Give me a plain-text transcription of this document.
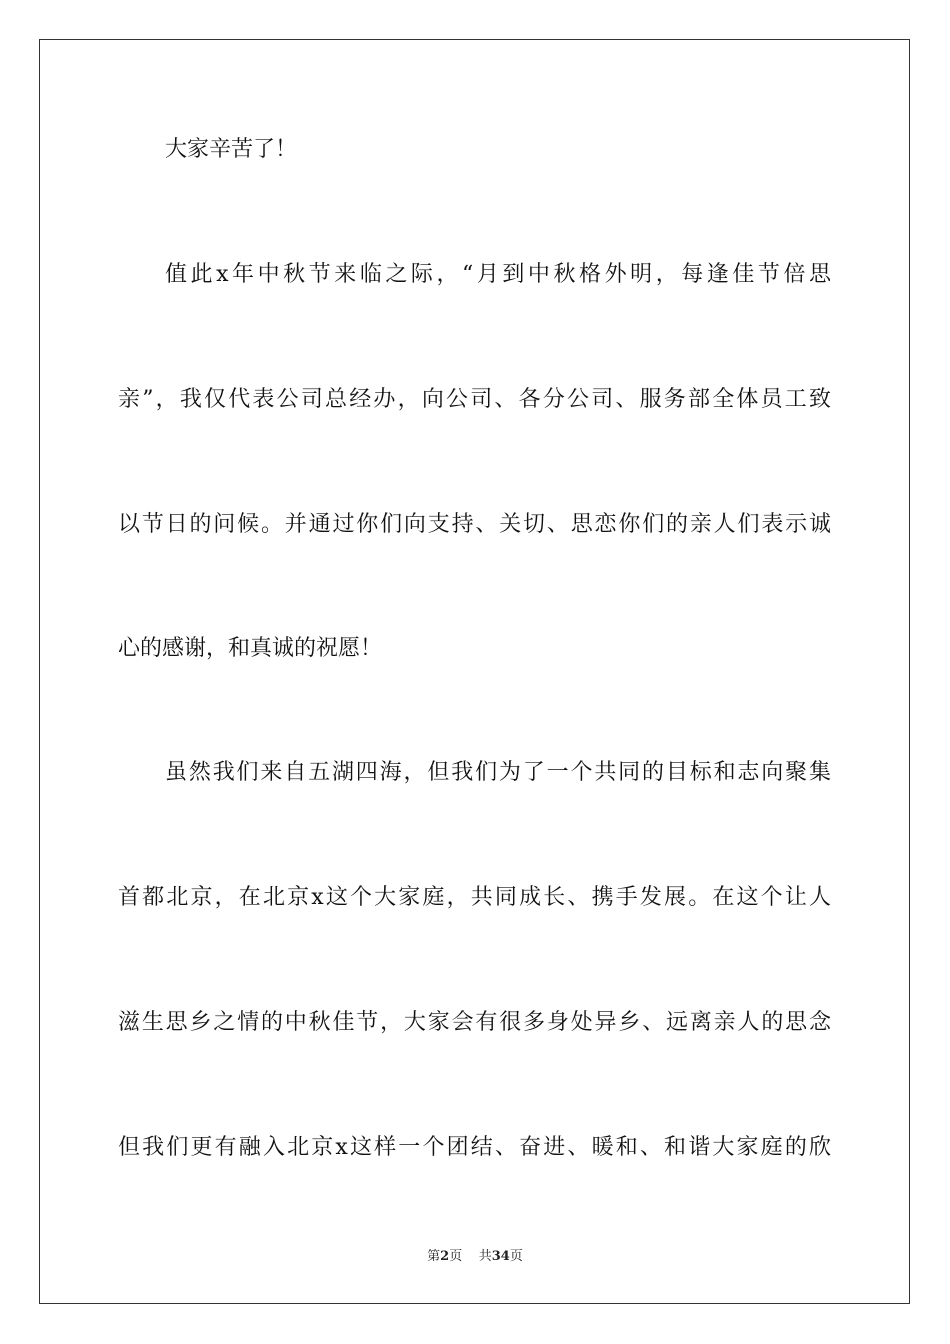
大家辛苦了！
值此x年中秋节来临之际，“月到中秋格外明，每逢佳节倍思
亲”，我仅代表公司总经办，向公司、各分公司、服务部全体员工致
以节日的问候。并通过你们向支持、关切、思恋你们的亲人们表示诚
心的感谢，和真诚的祝愿！
虽然我们来自五湖四海，但我们为了一个共同的目标和志向聚集
首都北京，在北京x这个大家庭，共同成长、携手发展。在这个让人
滋生思乡之情的中秋佳节，大家会有很多身处异乡、远离亲人的思念
但我们更有融入北京x这样一个团结、奋进、暖和、和谐大家庭的欣
第2页 共34页
